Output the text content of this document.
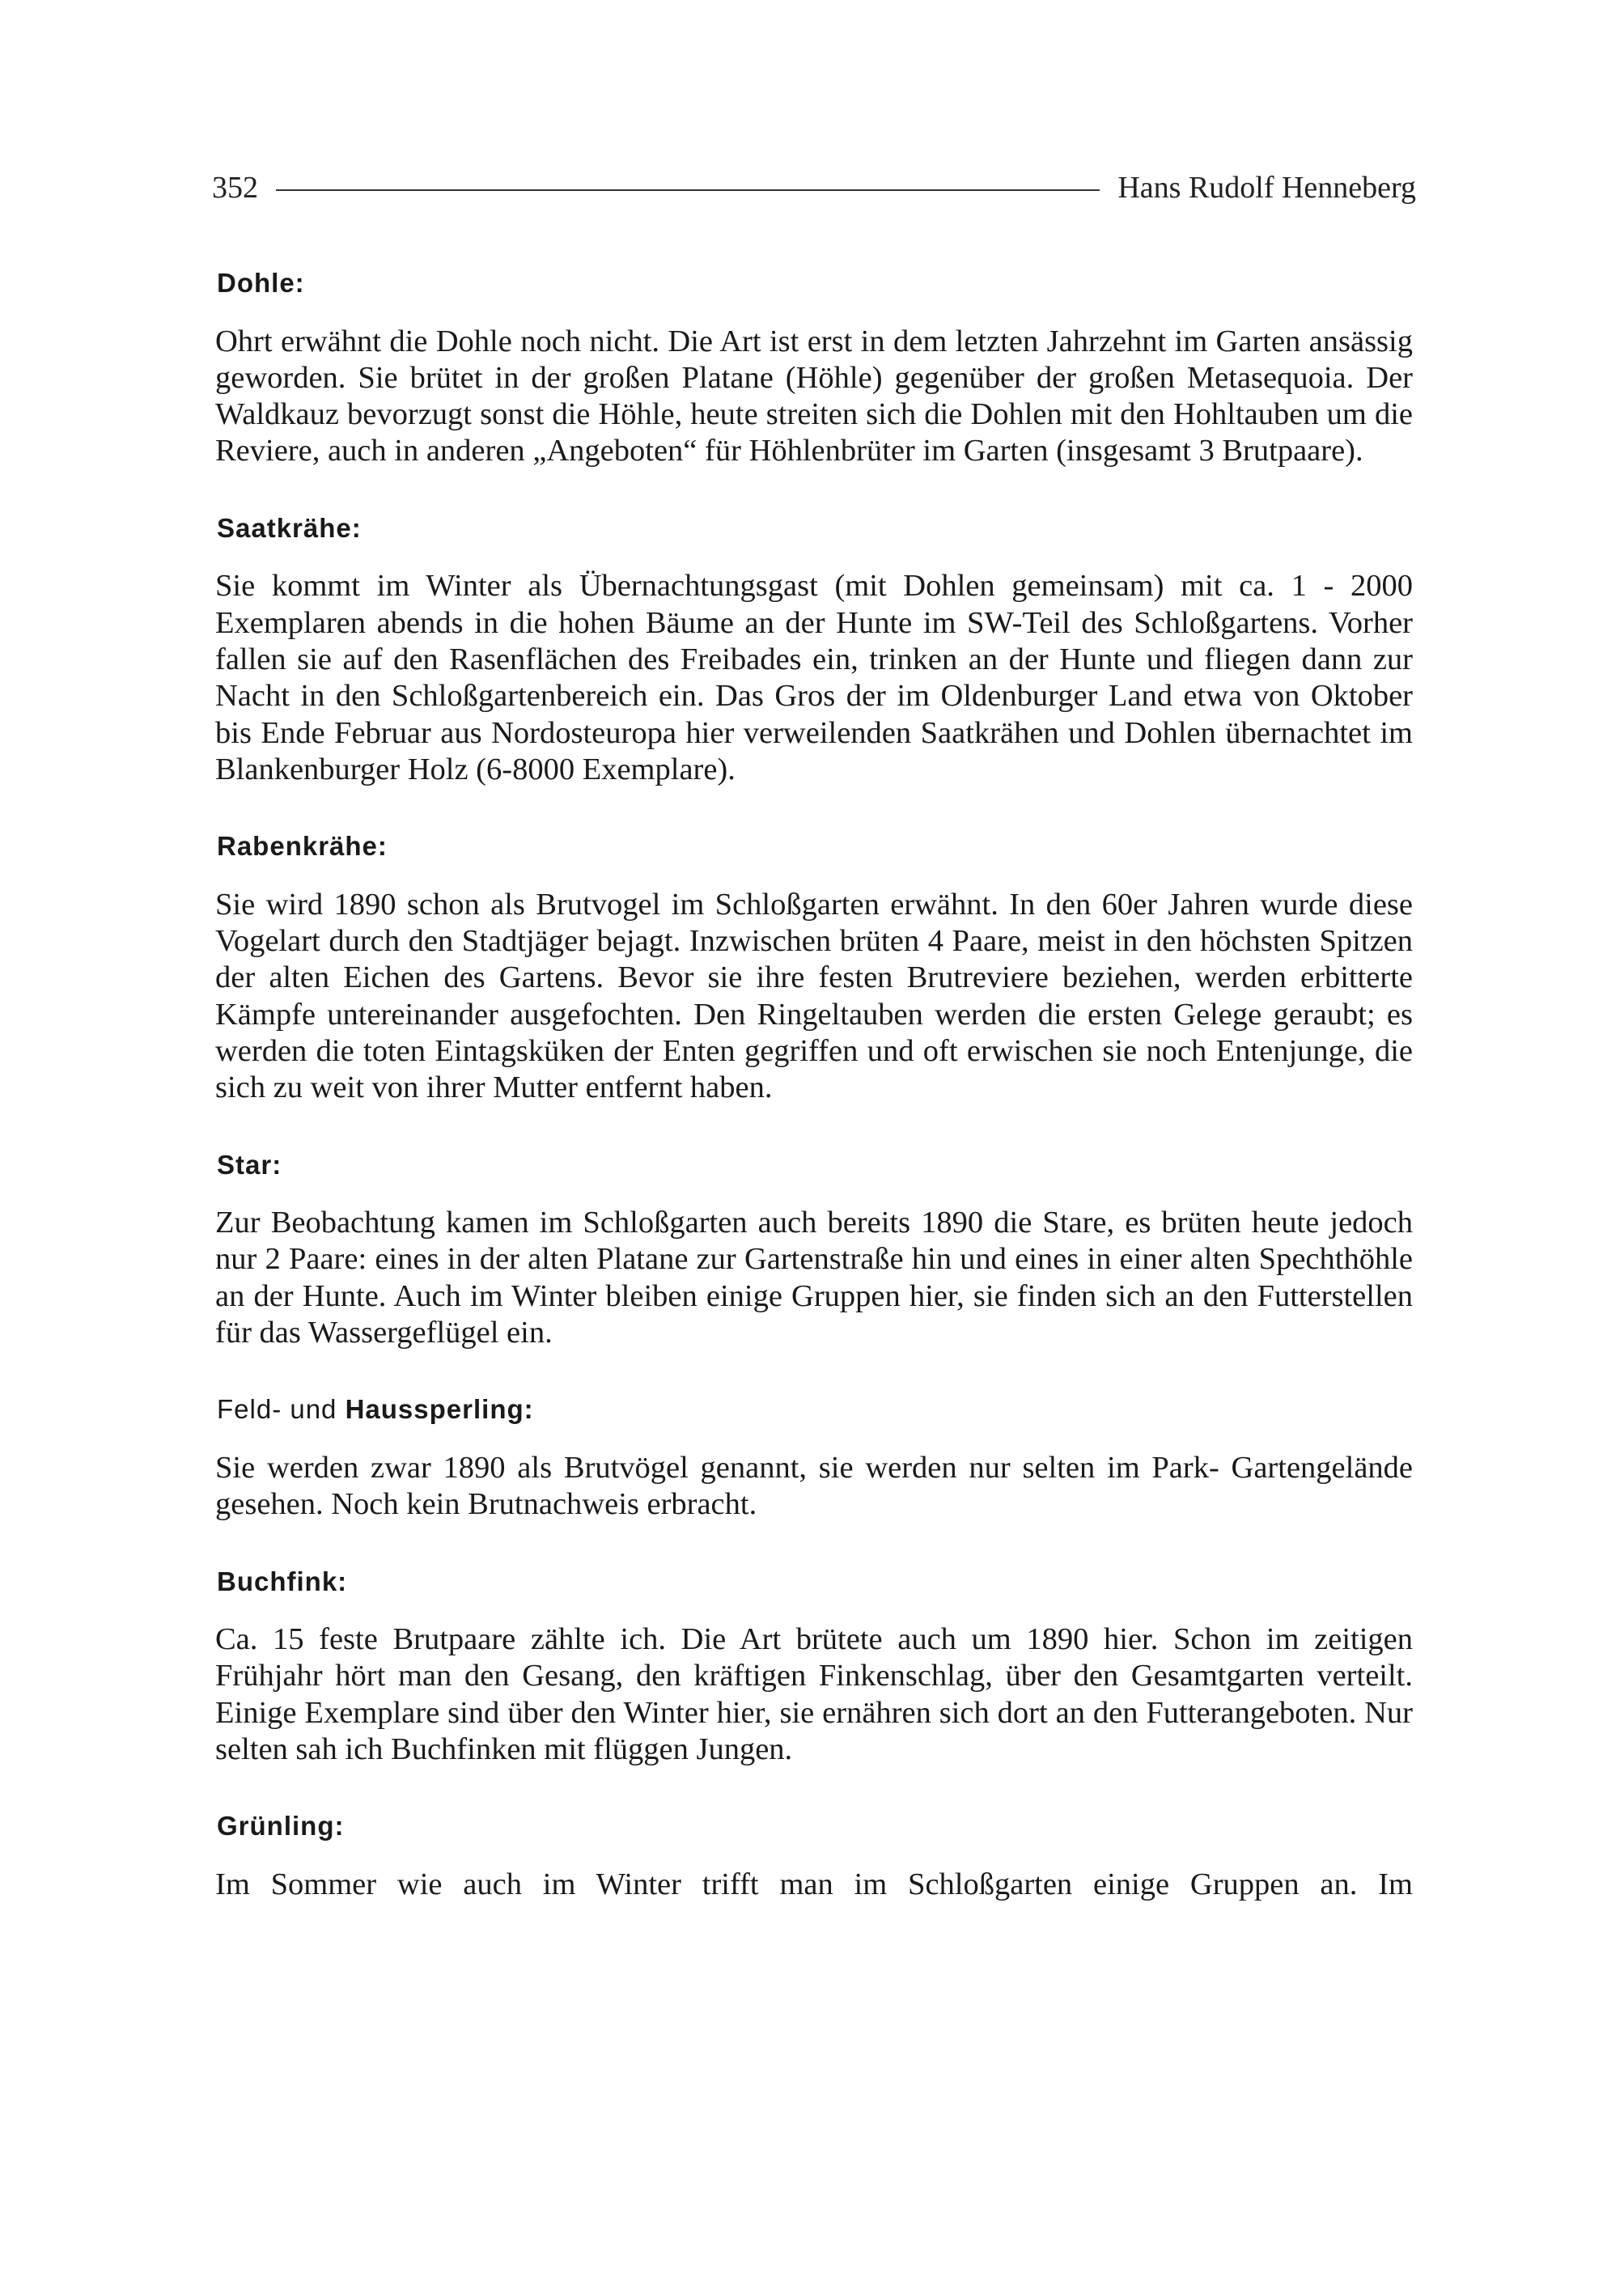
352	Hans Rudolf Henneberg
Dohle:
Ohrt erwähnt die Dohle noch nicht. Die Art ist erst in dem letzten Jahrzehnt im Garten ansässig geworden. Sie brütet in der großen Platane (Höhle) gegenüber der großen Metasequoia. Der Waldkauz bevorzugt sonst die Höhle, heute streiten sich die Dohlen mit den Hohltauben um die Reviere, auch in anderen „Angeboten“ für Höhlenbrüter im Garten (insgesamt 3 Brutpaare).
Saatkrähe:
Sie kommt im Winter als Übernachtungsgast (mit Dohlen gemeinsam) mit ca. 1 - 2000 Exemplaren abends in die hohen Bäume an der Hunte im SW-Teil des Schloßgartens. Vorher fallen sie auf den Rasenflächen des Freibades ein, trinken an der Hunte und fliegen dann zur Nacht in den Schloßgartenbereich ein. Das Gros der im Oldenburger Land etwa von Oktober bis Ende Februar aus Nordosteuropa hier verweilenden Saatkrähen und Dohlen übernachtet im Blankenburger Holz (6-8000 Exemplare).
Rabenkrähe:
Sie wird 1890 schon als Brutvogel im Schloßgarten erwähnt. In den 60er Jahren wurde diese Vogelart durch den Stadtjäger bejagt. Inzwischen brüten 4 Paare, meist in den höchsten Spitzen der alten Eichen des Gartens. Bevor sie ihre festen Brutreviere beziehen, werden erbitterte Kämpfe untereinander ausgefochten. Den Ringeltauben werden die ersten Gelege geraubt; es werden die toten Eintagsküken der Enten gegriffen und oft erwischen sie noch Entenjunge, die sich zu weit von ihrer Mutter entfernt haben.
Star:
Zur Beobachtung kamen im Schloßgarten auch bereits 1890 die Stare, es brüten heute jedoch nur 2 Paare: eines in der alten Platane zur Gartenstraße hin und eines in einer alten Spechthöhle an der Hunte. Auch im Winter bleiben einige Gruppen hier, sie finden sich an den Futterstellen für das Wassergeflügel ein.
Feld- und Haussperling:
Sie werden zwar 1890 als Brutvögel genannt, sie werden nur selten im Park- Gartengelände gesehen. Noch kein Brutnachweis erbracht.
Buchfink:
Ca. 15 feste Brutpaare zählte ich. Die Art brütete auch um 1890 hier. Schon im zeitigen Frühjahr hört man den Gesang, den kräftigen Finkenschlag, über den Gesamtgarten verteilt. Einige Exemplare sind über den Winter hier, sie ernähren sich dort an den Futterangeboten. Nur selten sah ich Buchfinken mit flüggen Jungen.
Grünling:
Im Sommer wie auch im Winter trifft man im Schloßgarten einige Gruppen an. Im
